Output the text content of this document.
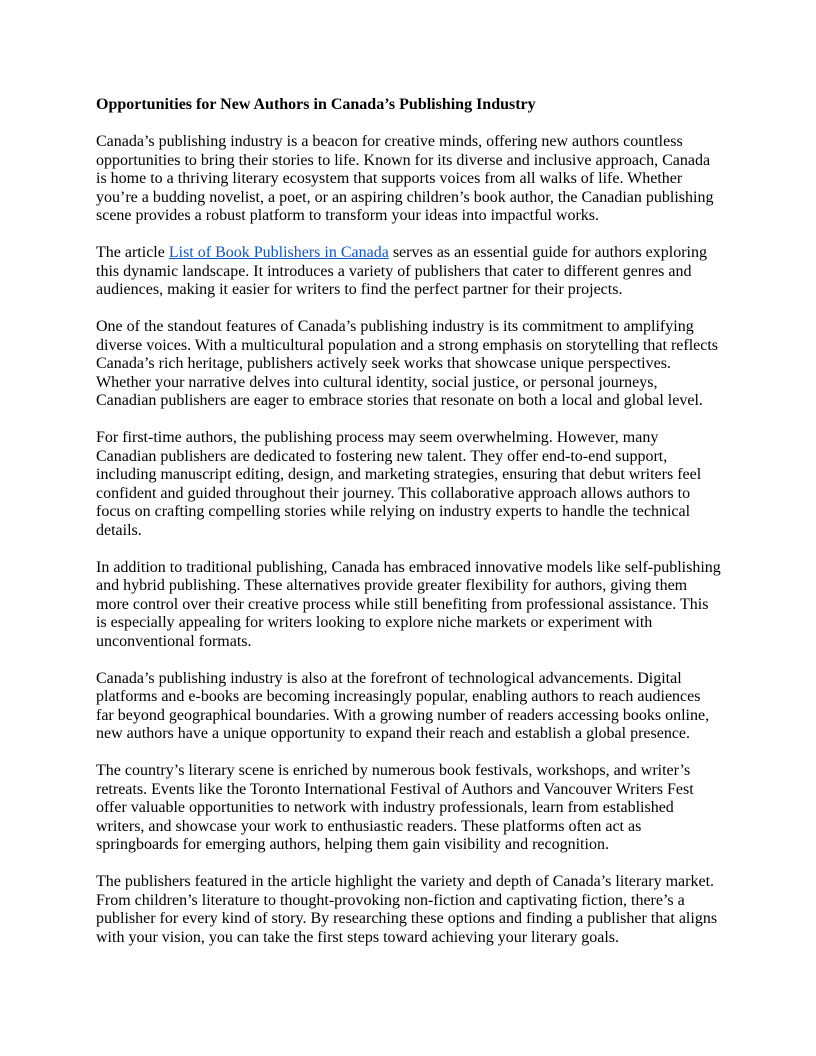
Opportunities for New Authors in Canada’s Publishing Industry

Canada’s publishing industry is a beacon for creative minds, offering new authors countless opportunities to bring their stories to life. Known for its diverse and inclusive approach, Canada is home to a thriving literary ecosystem that supports voices from all walks of life. Whether you’re a budding novelist, a poet, or an aspiring children’s book author, the Canadian publishing scene provides a robust platform to transform your ideas into impactful works.

The article List of Book Publishers in Canada serves as an essential guide for authors exploring this dynamic landscape. It introduces a variety of publishers that cater to different genres and audiences, making it easier for writers to find the perfect partner for their projects.

One of the standout features of Canada’s publishing industry is its commitment to amplifying diverse voices. With a multicultural population and a strong emphasis on storytelling that reflects Canada’s rich heritage, publishers actively seek works that showcase unique perspectives. Whether your narrative delves into cultural identity, social justice, or personal journeys, Canadian publishers are eager to embrace stories that resonate on both a local and global level.

For first-time authors, the publishing process may seem overwhelming. However, many Canadian publishers are dedicated to fostering new talent. They offer end-to-end support, including manuscript editing, design, and marketing strategies, ensuring that debut writers feel confident and guided throughout their journey. This collaborative approach allows authors to focus on crafting compelling stories while relying on industry experts to handle the technical details.

In addition to traditional publishing, Canada has embraced innovative models like self-publishing and hybrid publishing. These alternatives provide greater flexibility for authors, giving them more control over their creative process while still benefiting from professional assistance. This is especially appealing for writers looking to explore niche markets or experiment with unconventional formats.

Canada’s publishing industry is also at the forefront of technological advancements. Digital platforms and e-books are becoming increasingly popular, enabling authors to reach audiences far beyond geographical boundaries. With a growing number of readers accessing books online, new authors have a unique opportunity to expand their reach and establish a global presence.

The country’s literary scene is enriched by numerous book festivals, workshops, and writer’s retreats. Events like the Toronto International Festival of Authors and Vancouver Writers Fest offer valuable opportunities to network with industry professionals, learn from established writers, and showcase your work to enthusiastic readers. These platforms often act as springboards for emerging authors, helping them gain visibility and recognition.

The publishers featured in the article highlight the variety and depth of Canada’s literary market. From children’s literature to thought-provoking non-fiction and captivating fiction, there’s a publisher for every kind of story. By researching these options and finding a publisher that aligns with your vision, you can take the first steps toward achieving your literary goals.
